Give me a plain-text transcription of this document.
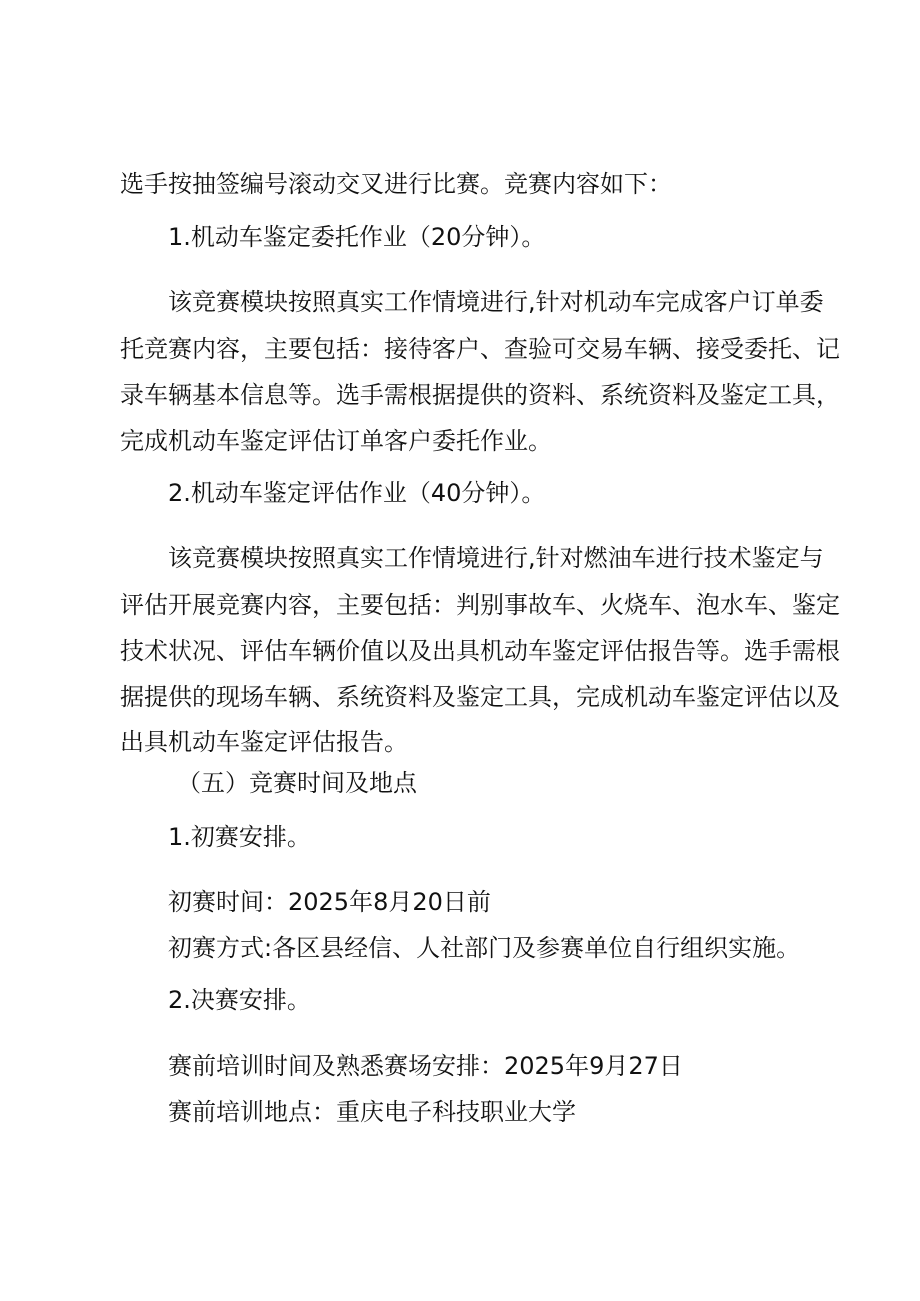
选手按抽签编号滚动交叉进行比赛。竞赛内容如下：

1.机动车鉴定委托作业（20分钟）。

该竞赛模块按照真实工作情境进行,针对机动车完成客户订单委

托竞赛内容，主要包括：接待客户、查验可交易车辆、接受委托、记

录车辆基本信息等。选手需根据提供的资料、系统资料及鉴定工具，

完成机动车鉴定评估订单客户委托作业。

2.机动车鉴定评估作业（40分钟）。

该竞赛模块按照真实工作情境进行,针对燃油车进行技术鉴定与

评估开展竞赛内容，主要包括：判别事故车、火烧车、泡水车、鉴定

技术状况、评估车辆价值以及出具机动车鉴定评估报告等。选手需根

据提供的现场车辆、系统资料及鉴定工具，完成机动车鉴定评估以及

出具机动车鉴定评估报告。

（五）竞赛时间及地点

1.初赛安排。

初赛时间：2025年8月20日前

初赛方式:各区县经信、人社部门及参赛单位自行组织实施。

2.决赛安排。

赛前培训时间及熟悉赛场安排：2025年9月27日

赛前培训地点：重庆电子科技职业大学
